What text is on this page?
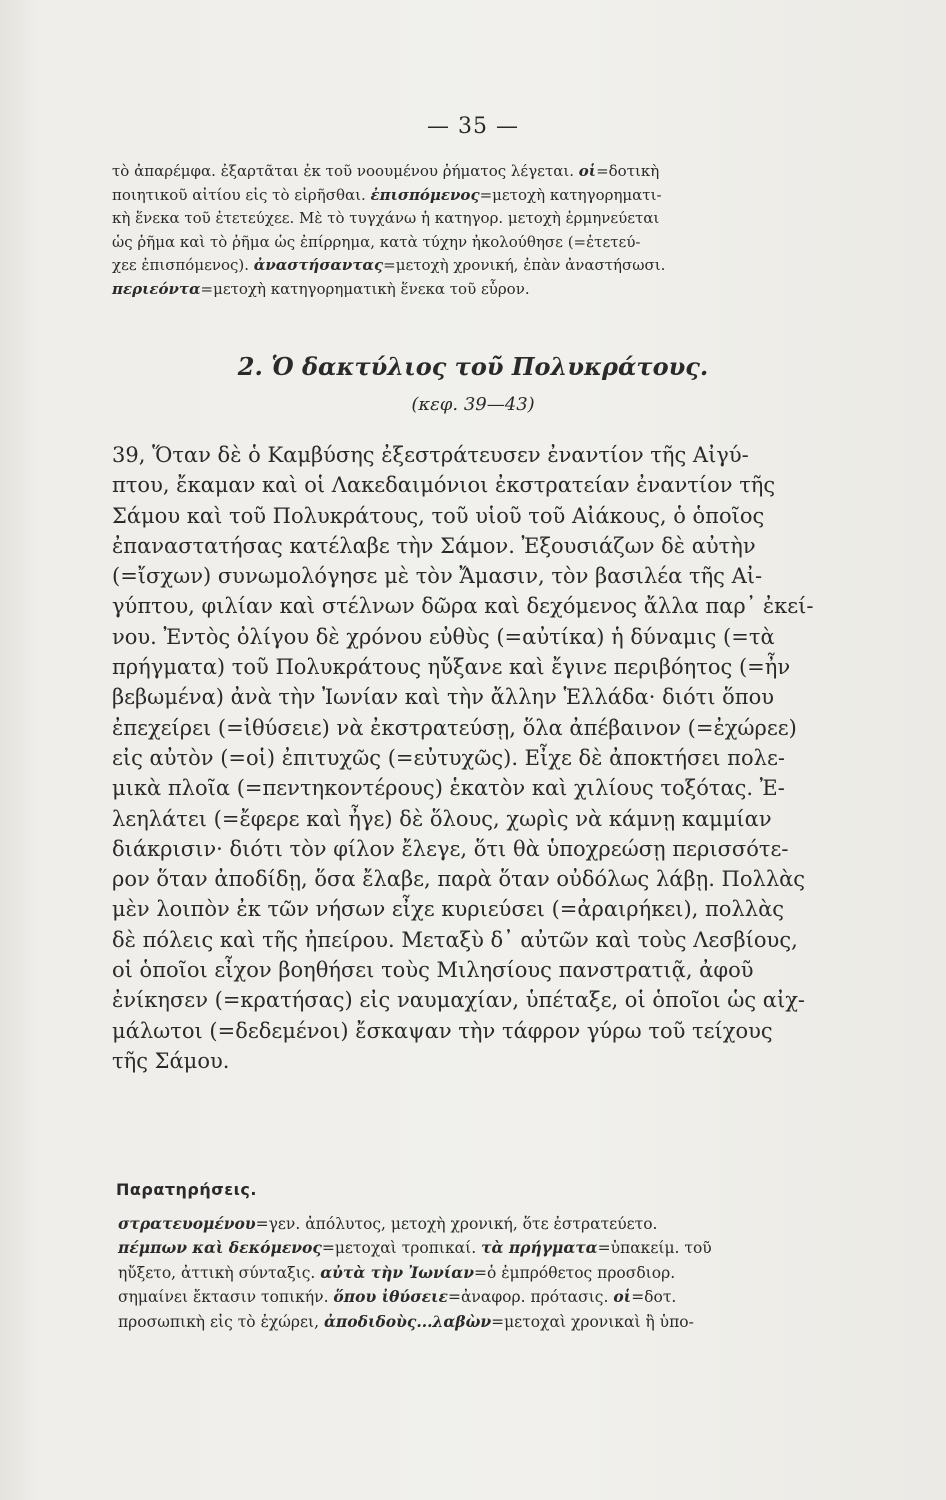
— 35 —

τὸ ἀπαρέμφα. ἐξαρτᾶται ἐκ τοῦ νοουμένου ῥήματος λέγεται. οἱ=δοτικὴ

ποιητικοῦ αἰτίου εἰς τὸ εἰρῆσθαι. ἐπισπόμενος=μετοχὴ κατηγορηματι-

κὴ ἕνεκα τοῦ ἐτετεύχεε. Μὲ τὸ τυγχάνω ἡ κατηγορ. μετοχὴ ἑρμηνεύεται

ὡς ῥῆμα καὶ τὸ ῥῆμα ὡς ἐπίρρημα, κατὰ τύχην ἠκολούθησε (=ἐτετεύ-

χεε ἐπισπόμενος). ἀναστήσαντας=μετοχὴ χρονική, ἐπὰν ἀναστήσωσι.

περιεόντα=μετοχὴ κατηγορηματικὴ ἕνεκα τοῦ εὗρον.

2. Ὁ δακτύλιος τοῦ Πολυκράτους.
(κεφ. 39—43)

39, Ὅταν δὲ ὁ Καμβύσης ἐξεστράτευσεν ἐναντίον τῆς Αἰγύ-

πτου, ἔκαμαν καὶ οἱ Λακεδαιμόνιοι ἐκστρατείαν ἐναντίον τῆς

Σάμου καὶ τοῦ Πολυκράτους, τοῦ υἱοῦ τοῦ Αἰάκους, ὁ ὁποῖος

ἐπαναστατήσας κατέλαβε τὴν Σάμον. Ἐξουσιάζων δὲ αὐτὴν

(=ἴσχων) συνωμολόγησε μὲ τὸν Ἄμασιν, τὸν βασιλέα τῆς Αἰ-

γύπτου, φιλίαν καὶ στέλνων δῶρα καὶ δεχόμενος ἄλλα παρ᾽ ἐκεί-

νου. Ἐντὸς ὀλίγου δὲ χρόνου εὐθὺς (=αὐτίκα) ἡ δύναμις (=τὰ

πρήγματα) τοῦ Πολυκράτους ηὔξανε καὶ ἔγινε περιβόητος (=ἦν

βεβωμένα) ἀνὰ τὴν Ἰωνίαν καὶ τὴν ἄλλην Ἑλλάδα· διότι ὅπου

ἐπεχείρει (=ἰθύσειε) νὰ ἐκστρατεύσῃ, ὅλα ἀπέβαινον (=ἐχώρεε)

εἰς αὐτὸν (=οἱ) ἐπιτυχῶς (=εὐτυχῶς). Εἶχε δὲ ἀποκτήσει πολε-

μικὰ πλοῖα (=πεντηκοντέρους) ἑκατὸν καὶ χιλίους τοξότας. Ἐ-

λεηλάτει (=ἔφερε καὶ ἦγε) δὲ ὅλους, χωρὶς νὰ κάμνῃ καμμίαν

διάκρισιν· διότι τὸν φίλον ἔλεγε, ὅτι θὰ ὑποχρεώσῃ περισσότε-

ρον ὅταν ἀποδίδῃ, ὅσα ἔλαβε, παρὰ ὅταν οὐδόλως λάβῃ. Πολλὰς

μὲν λοιπὸν ἐκ τῶν νήσων εἶχε κυριεύσει (=ἀραιρήκει), πολλὰς

δὲ πόλεις καὶ τῆς ἠπείρου. Μεταξὺ δ᾽ αὐτῶν καὶ τοὺς Λεσβίους,

οἱ ὁποῖοι εἶχον βοηθήσει τοὺς Μιλησίους πανστρατιᾷ, ἀφοῦ

ἐνίκησεν (=κρατήσας) εἰς ναυμαχίαν, ὑπέταξε, οἱ ὁποῖοι ὡς αἰχ-

μάλωτοι (=δεδεμένοι) ἔσκαψαν τὴν τάφρον γύρω τοῦ τείχους

τῆς Σάμου.

Παρατηρήσεις.

στρατευομένου=γεν. ἀπόλυτος, μετοχὴ χρονική, ὅτε ἐστρατεύετο.

πέμπων καὶ δεκόμενος=μετοχαὶ τροπικαί. τὰ πρήγματα=ὑπακείμ. τοῦ

ηὔξετο, ἀττικὴ σύνταξις. αὐτὰ τὴν Ἰωνίαν=ὁ ἐμπρόθετος προσδιορ.

σημαίνει ἔκτασιν τοπικήν. ὅπου ἰθύσειε=ἀναφορ. πρότασις. οἱ=δοτ.

προσωπικὴ εἰς τὸ ἐχώρει, ἀποδιδοὺς...λαβὼν=μετοχαὶ χρονικαὶ ἢ ὑπο-
